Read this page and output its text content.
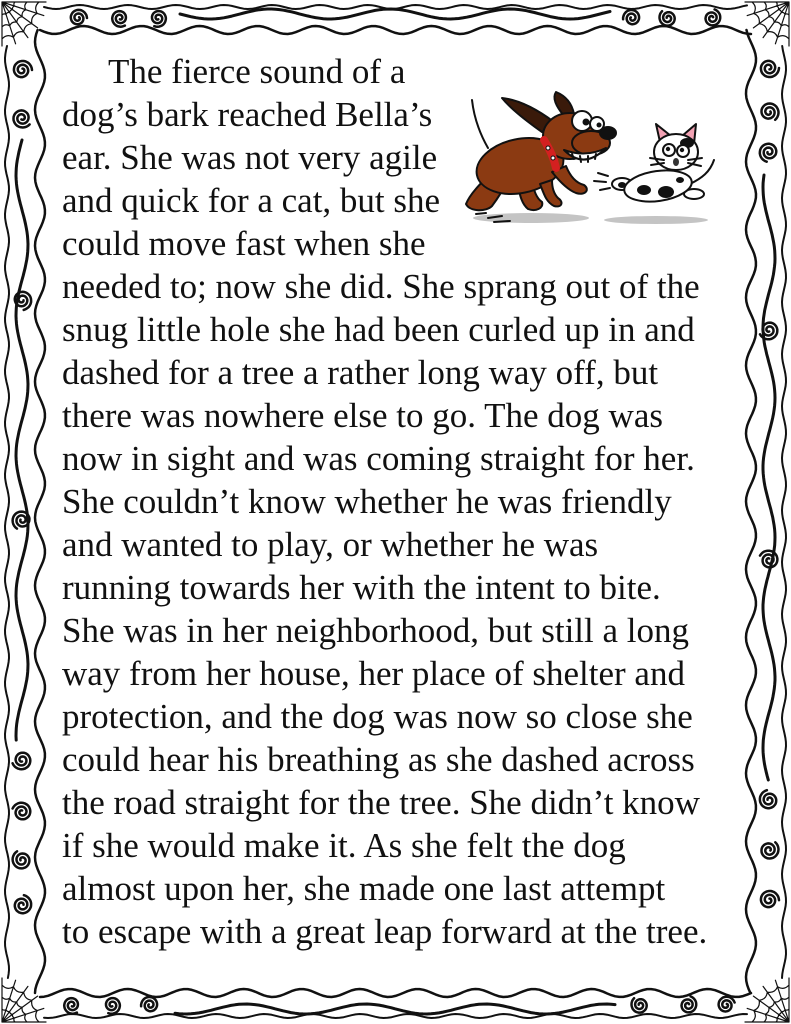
The fierce sound of a
dog’s bark reached Bella’s
ear. She was not very agile
and quick for a cat, but she
could move fast when she
needed to; now she did. She sprang out of the
snug little hole she had been curled up in and
dashed for a tree a rather long way off, but
there was nowhere else to go. The dog was
now in sight and was coming straight for her.
She couldn’t know whether he was friendly
and wanted to play, or whether he was
running towards her with the intent to bite.
She was in her neighborhood, but still a long
way from her house, her place of shelter and
protection, and the dog was now so close she
could hear his breathing as she dashed across
the road straight for the tree. She didn’t know
if she would make it. As she felt the dog
almost upon her, she made one last attempt
to escape with a great leap forward at the tree.
